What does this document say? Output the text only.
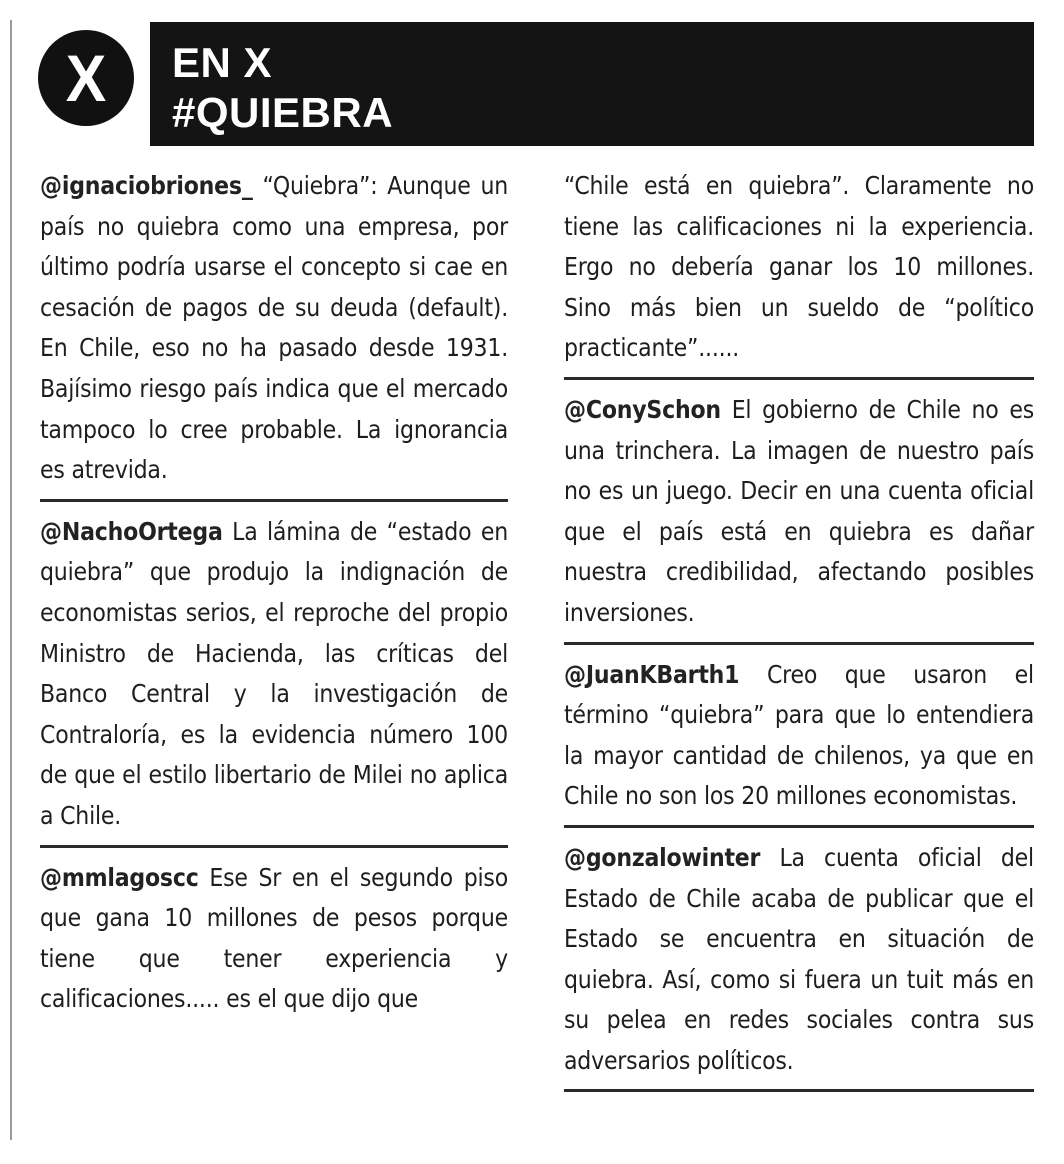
X EN X
#QUIEBRA

@ignaciobriones_ “Quiebra”: Aunque un país no quiebra como una empresa, por último podría usarse el concepto si cae en cesación de pagos de su deuda (default). En Chile, eso no ha pasado desde 1931. Bajísimo riesgo país indica que el mercado tampoco lo cree probable. La ignorancia es atrevida.

@NachoOrtega La lámina de “estado en quiebra” que produjo la indignación de economistas serios, el reproche del propio Ministro de Hacienda, las críticas del Banco Central y la investigación de Contraloría, es la evidencia número 100 de que el estilo libertario de Milei no aplica a Chile.

@mmlagoscc Ese Sr en el segundo piso que gana 10 millones de pesos porque tiene que tener experiencia y calificaciones..... es el que dijo que

“Chile está en quiebra”. Claramente no tiene las calificaciones ni la experiencia. Ergo no debería ganar los 10 millones. Sino más bien un sueldo de “político practicante”......

@ConySchon El gobierno de Chile no es una trinchera. La imagen de nuestro país no es un juego. Decir en una cuenta oficial que el país está en quiebra es dañar nuestra credibilidad, afectando posibles inversiones.

@JuanKBarth1 Creo que usaron el término “quiebra” para que lo entendiera la mayor cantidad de chilenos, ya que en Chile no son los 20 millones economistas.

@gonzalowinter La cuenta oficial del Estado de Chile acaba de publicar que el Estado se encuentra en situación de quiebra. Así, como si fuera un tuit más en su pelea en redes sociales contra sus adversarios políticos.
